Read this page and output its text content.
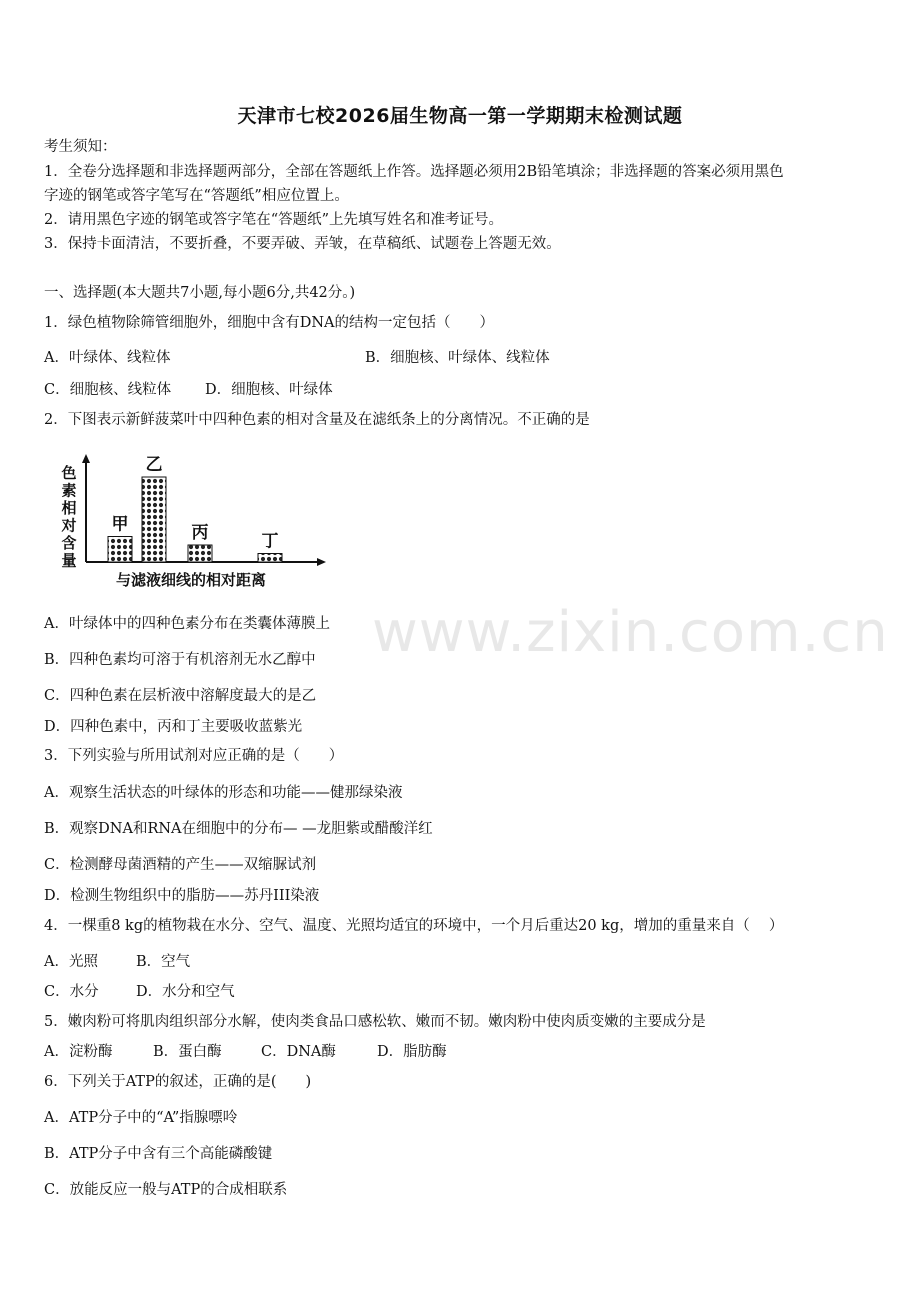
天津市七校2026届生物高一第一学期期末检测试题
考生须知：
1．全卷分选择题和非选择题两部分，全部在答题纸上作答。选择题必须用2B铅笔填涂；非选择题的答案必须用黑色
字迹的钢笔或答字笔写在“答题纸”相应位置上。
2．请用黑色字迹的钢笔或答字笔在“答题纸”上先填写姓名和准考证号。
3．保持卡面清洁，不要折叠，不要弄破、弄皱，在草稿纸、试题卷上答题无效。
一、选择题(本大题共7小题,每小题6分,共42分。)
1．绿色植物除筛管细胞外，细胞中含有DNA的结构一定包括（　　）
A．叶绿体、线粒体	B．细胞核、叶绿体、线粒体
C．细胞核、线粒体 D．细胞核、叶绿体
2．下图表示新鲜菠菜叶中四种色素的相对含量及在滤纸条上的分离情况。不正确的是
色素相对含量
甲
乙
丙	丁
与滤液细线的相对距离
A．叶绿体中的四种色素分布在类囊体薄膜上
B．四种色素均可溶于有机溶剂无水乙醇中
C．四种色素在层析液中溶解度最大的是乙
D．四种色素中，丙和丁主要吸收蓝紫光
3．下列实验与所用试剂对应正确的是（　　）
A．观察生活状态的叶绿体的形态和功能——健那绿染液
B．观察DNA和RNA在细胞中的分布— —龙胆紫或醋酸洋红
C．检测酵母菌酒精的产生——双缩脲试剂
D．检测生物组织中的脂肪——苏丹III染液
4．一棵重8 kg的植物栽在水分、空气、温度、光照均适宜的环境中，一个月后重达20 kg，增加的重量来自（　 ）
A．光照	B．空气
C．水分	D．水分和空气
5．嫩肉粉可将肌肉组织部分水解，使肉类食品口感松软、嫩而不韧。嫩肉粉中使肉质变嫩的主要成分是
A．淀粉酶	B．蛋白酶	C．DNA酶	D．脂肪酶
6．下列关于ATP的叙述，正确的是(　　)
A．ATP分子中的“A”指腺嘌呤
B．ATP分子中含有三个高能磷酸键
C．放能反应一般与ATP的合成相联系
www.zixin.com.cn
